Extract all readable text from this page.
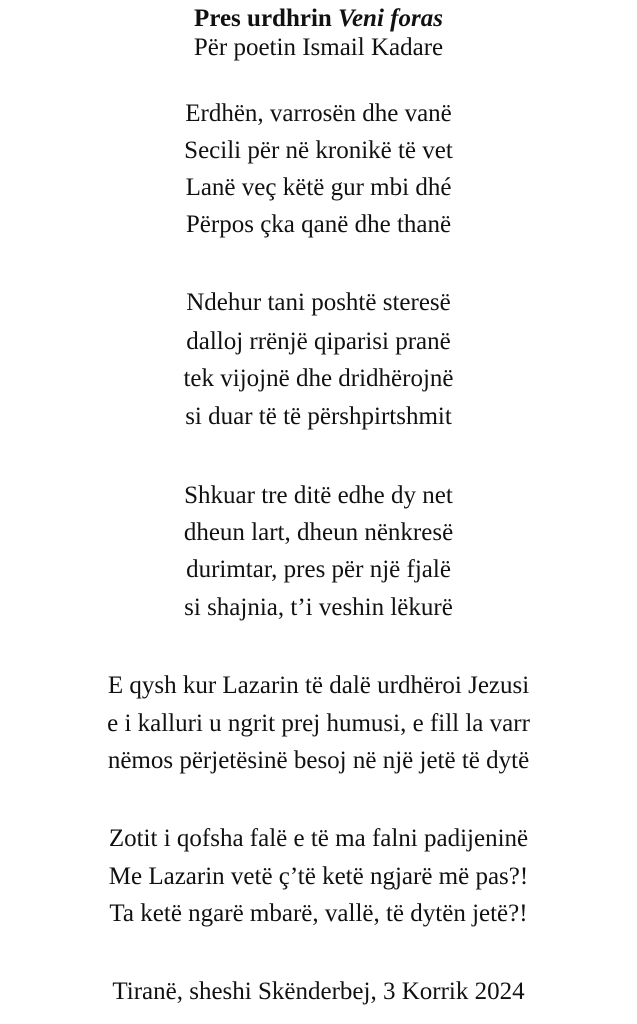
Pres urdhrin Veni foras
Për poetin Ismail Kadare
Erdhën, varrosën dhe vanë
Secili për në kronikë të vet
Lanë veç këtë gur mbi dhé
Përpos çka qanë dhe thanë
Ndehur tani poshtë steresë
dalloj rrënjë qiparisi pranë
tek vijojnë dhe dridhërojnë
si duar të të përshpirtshmit
Shkuar tre ditë edhe dy net
dheun lart, dheun nënkresë
durimtar, pres për një fjalë
si shajnia, t’i veshin lëkurë
E qysh kur Lazarin të dalë urdhëroi Jezusi
e i kalluri u ngrit prej humusi, e fill la varr
nëmos përjetësinë besoj në një jetë të dytë
Zotit i qofsha falë e të ma falni padijeninë
Me Lazarin vetë ç’të ketë ngjarë më pas?!
Ta ketë ngarë mbarë, vallë, të dytën jetë?!
Tiranë, sheshi Skënderbej, 3 Korrik 2024
